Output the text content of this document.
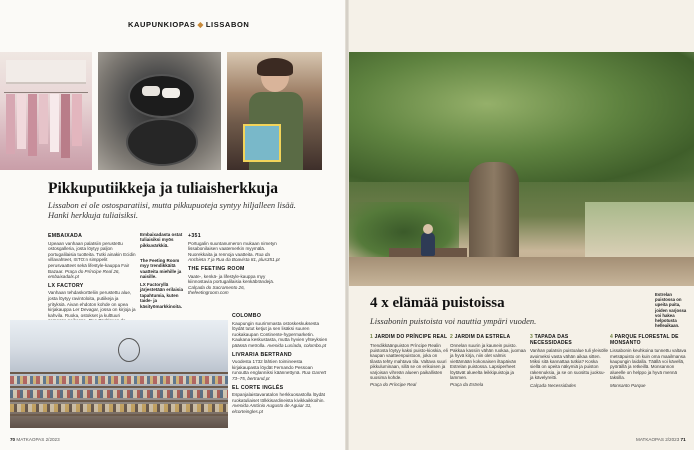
KAUPUNKIOPAS ◆ LISSABON
Pikkuputiikkeja ja tuliaisherkkuja
Lissabon ei ole ostosparatiisi, mutta pikkupuoteja syntyy hiljalleen lisää. Hanki herkkuja tuliaisiksi.

EMBAIXADA
Upeaan vanhaan palatsiin perustettu ostosgalleria, josta löytyy paljon portugalilaisia tuotteita. Tutki ainakin Ecidin villavahteet, ISTO:n simppelit perusvaatteet sekä lifestyle-kauppa Fair Bazaar. Praça do Príncipe Real 26, embaixadalx.pt

LX FACTORY
Vanhaan tehdaskortteliin perustettu alue, josta löytyy ravintoloita, putiikeja ja yrityksiä. Aivan ehdoton kohde on upea kirjakauppa Ler Devagar, jossa on kirjoja ja kahvila. Ruoka, ostokset ja kulttuuri

Embaixadasta ostat tuliaisiksi myös pikkuvärkkiä.
The Feeting Room myy trendikkäitä vaatteita miehille ja naisille.
LX Factoryllä järjestetään erilaisia tapahtumia, kuten taide- ja käsityömarkkinoita.

+351
Portugalin suuntanumeron mukaan nimetyn lissabonilaisen vaatemerkin myymälä. Nuorekkaita ja rennoja vaatteita. Rua da Anchieta 7 ja Rua da Boavista 81, plus351.pt

THE FEETING ROOM
Vaate-, kenkä- ja lifestyle-kauppa myy kiinnostavia portugalilaisia kenkäbrändejä. Calçada do Sacramento 26, thefeetingroom.com

COLOMBO
Kaupungin suurimmasta ostoskeskuksesta löydät tutut ketjut ja sen lisäksi suuren ruokakaupan Continente-hypermarketin. Kaukana keskustasta, mutta hyvien yhteyksien päässä metrolla. Avenida Lusíada, colombo.pt

LIVRARIA BERTRAND
Vuodesta 1732 lähtien toimineesta kirjakaupasta löydät Fernando Pessoan runoutta englanniksi käännettynä. Rua Garrett 73–75, bertrand.pt

EL CORTE INGLÉS
Espanjalaistavaratalon herkkuosastolla löydät ruokatuliaiset tölkkisardineista kivikkaikkoihin. Avenida António Augusto de Aguiar 31, elcorteingles.pt

70 MATKAOPAS 2/2023
Estrelan puistossa on upeita puita, joiden varjossa voi hakea helpotusta helleaikaan.
4 x elämää puistoissa
Lissabonin puistoista voi nauttia ympäri vuoden.
1 JARDIM DO PRÍNCIPE REAL
Trendikkäänpuiston Príncipe Realin puistosta löytyy kaksi puisto-kioskia, eli kaupan vaatteenpuistoon, joka on tilasta tehty mahtava tila. Valtava suuri pikkuluminaan, sillä se on erikoisen ja varjoisan vihreän alueen paikallisten suosima kohde.
Praça do Príncipe Real
2 JARDIM DA ESTRELA
Onnelan suurin ja kaunein puisto. Pakkaa kassiin vähän ruokaa, juomaa ja hyvä kirja, niin olet valmis viettämään kokonaisen iltapäivän Estrelan puistossa. Lapsiperheet löytävät alueelta leikkipuistoja ja lammen.
Praça da Estrela
3 TAPADA DAS NECESSIDADES
Vanhan palatsin puistoalue tuli yleisölle avoimeksi vasta vähän aikaa sitten. Miksi sitä kannattaa tutkia? Koska siellä on upeita näkymiä ja puiston rakennuksia, ja se on suosittu juoksu- ja kävelyreitti.
Calçada Necessidades
4 PARQUE FLORESTAL DE MONSANTO
Lissabonin keuhkoina tunnettu valtava metsäpuisto on kuin oma maailmansa kaupungin laidalla. Täällä voi kävellä, pyöräillä ja retkeillä. Monsannon alueelle on helppo ja hyvä mennä taksilla.
Monsanto Parque
MATKAOPAS 2/2023 71
